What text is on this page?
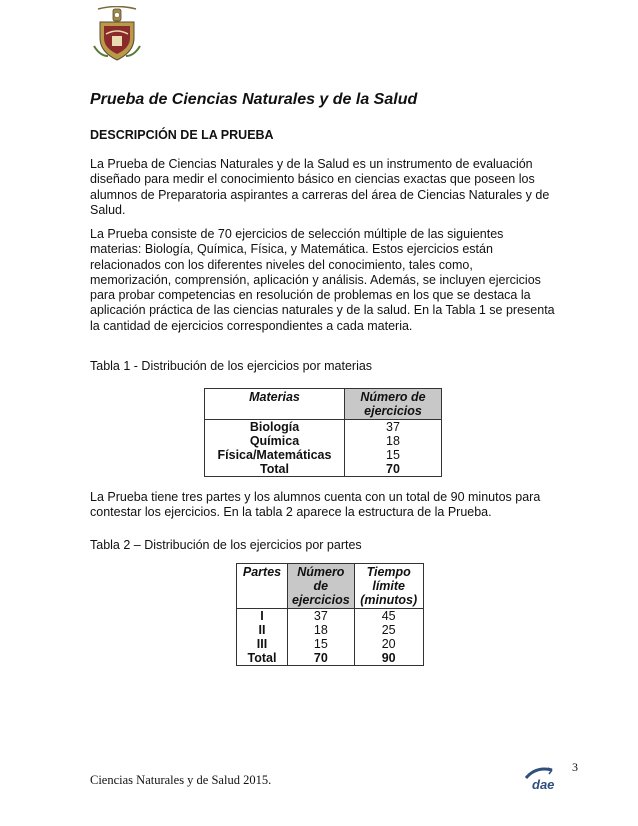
Prueba de Ciencias Naturales y de la Salud
DESCRIPCIÓN DE LA PRUEBA

La Prueba de Ciencias Naturales y de la Salud es un instrumento de evaluación diseñado para medir el conocimiento básico en ciencias exactas que poseen los alumnos de Preparatoria aspirantes a carreras del área de Ciencias Naturales y de Salud.

La Prueba consiste de 70 ejercicios de selección múltiple de las siguientes materias: Biología, Química, Física, y Matemática. Estos ejercicios están relacionados con los diferentes niveles del conocimiento, tales como, memorización, comprensión, aplicación y análisis. Además, se incluyen ejercicios para probar competencias en resolución de problemas en los que se destaca la aplicación práctica de las ciencias naturales y de la salud. En la Tabla 1 se presenta la cantidad de ejercicios correspondientes a cada materia.

Tabla 1 - Distribución de los ejercicios por materias

Materias	Número de ejercicios
Biología	37
Química	18
Física/Matemáticas	15
Total	70

La Prueba tiene tres partes y los alumnos cuenta con un total de 90 minutos para contestar los ejercicios. En la tabla 2 aparece la estructura de la Prueba.

Tabla 2 – Distribución de los ejercicios por partes

Partes	Número de ejercicios	Tiempo límite (minutos)
I	37	45
II	18	25
III	15	20
Total	70	90

3

dae

Ciencias Naturales y de Salud 2015.
